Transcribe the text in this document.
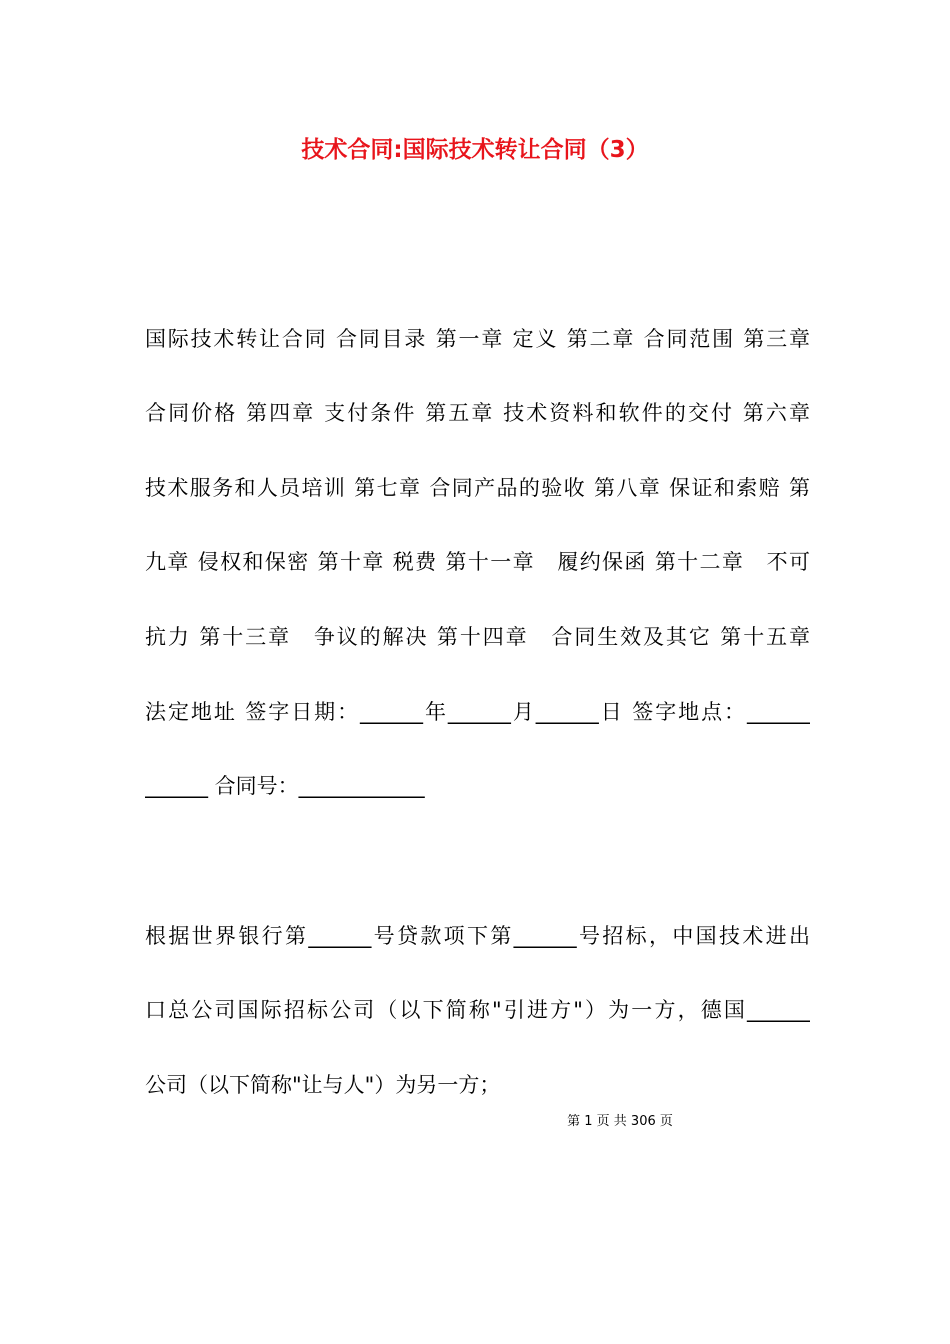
技术合同:国际技术转让合同（3）
国际技术转让合同 合同目录 第一章 定义 第二章 合同范围 第三章
合同价格 第四章 支付条件 第五章 技术资料和软件的交付 第六章
技术服务和人员培训 第七章 合同产品的验收 第八章 保证和索赔 第
九章 侵权和保密 第十章 税费 第十一章　履约保函 第十二章　不可
抗力 第十三章　争议的解决 第十四章　合同生效及其它 第十五章
法定地址 签字日期：______年______月______日 签字地点：______
______ 合同号：____________
根据世界银行第______号贷款项下第______号招标，中国技术进出
口总公司国际招标公司（以下简称"引进方"）为一方，德国______
公司（以下简称"让与人"）为另一方；
第 1 页 共 306 页
